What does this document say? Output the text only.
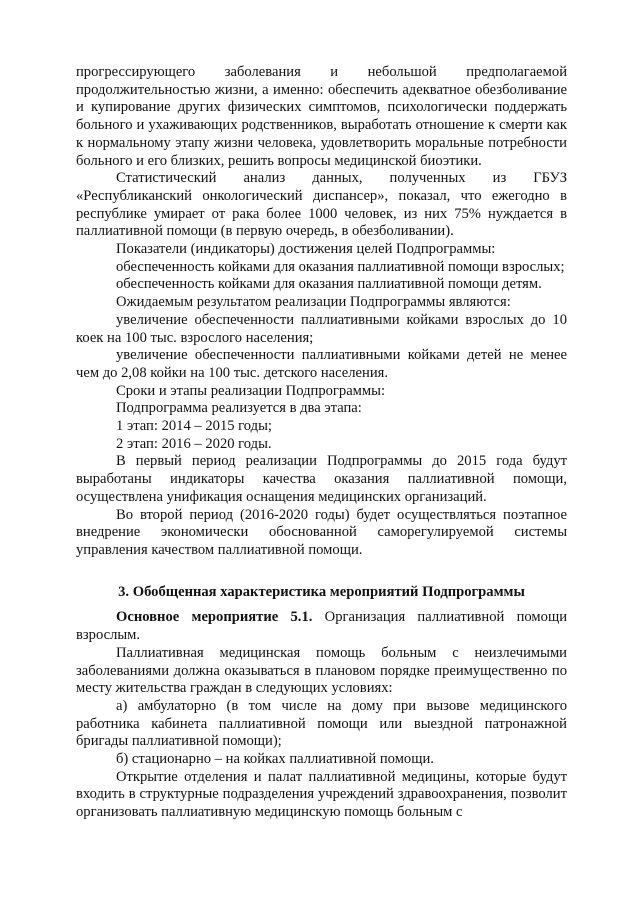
прогрессирующего заболевания и небольшой предполагаемой продолжительностью жизни, а именно: обеспечить адекватное обезболивание и купирование других физических симптомов, психологически поддержать больного и ухаживающих родственников, выработать отношение к смерти как к нормальному этапу жизни человека, удовлетворить моральные потребности больного и его близких, решить вопросы медицинской биоэтики.

Статистический анализ данных, полученных из ГБУЗ «Республиканский онкологический диспансер», показал, что ежегодно в республике умирает от рака более 1000 человек, из них 75% нуждается в паллиативной помощи (в первую очередь, в обезболивании).

Показатели (индикаторы) достижения целей Подпрограммы:

обеспеченность койками для оказания паллиативной помощи взрослых;

обеспеченность койками для оказания паллиативной помощи детям.

Ожидаемым результатом реализации Подпрограммы являются:

увеличение обеспеченности паллиативными койками взрослых до 10 коек на 100 тыс. взрослого населения;

увеличение обеспеченности паллиативными койками детей не менее чем до 2,08 койки на 100 тыс. детского населения.

Сроки и этапы реализации Подпрограммы:

Подпрограмма реализуется в два этапа:

1 этап: 2014 – 2015 годы;

2 этап: 2016 – 2020 годы.

В первый период реализации Подпрограммы до 2015 года будут выработаны индикаторы качества оказания паллиативной помощи, осуществлена унификация оснащения медицинских организаций.

Во второй период (2016-2020 годы) будет осуществляться поэтапное внедрение экономически обоснованной саморегулируемой системы управления качеством паллиативной помощи.

3. Обобщенная характеристика мероприятий Подпрограммы

Основное мероприятие 5.1. Организация паллиативной помощи взрослым.

Паллиативная медицинская помощь больным с неизлечимыми заболеваниями должна оказываться в плановом порядке преимущественно по месту жительства граждан в следующих условиях:

а) амбулаторно (в том числе на дому при вызове медицинского работника кабинета паллиативной помощи или выездной патронажной бригады паллиативной помощи);

б) стационарно – на койках паллиативной помощи.

Открытие отделения и палат паллиативной медицины, которые будут входить в структурные подразделения учреждений здравоохранения, позволит организовать паллиативную медицинскую помощь больным с
